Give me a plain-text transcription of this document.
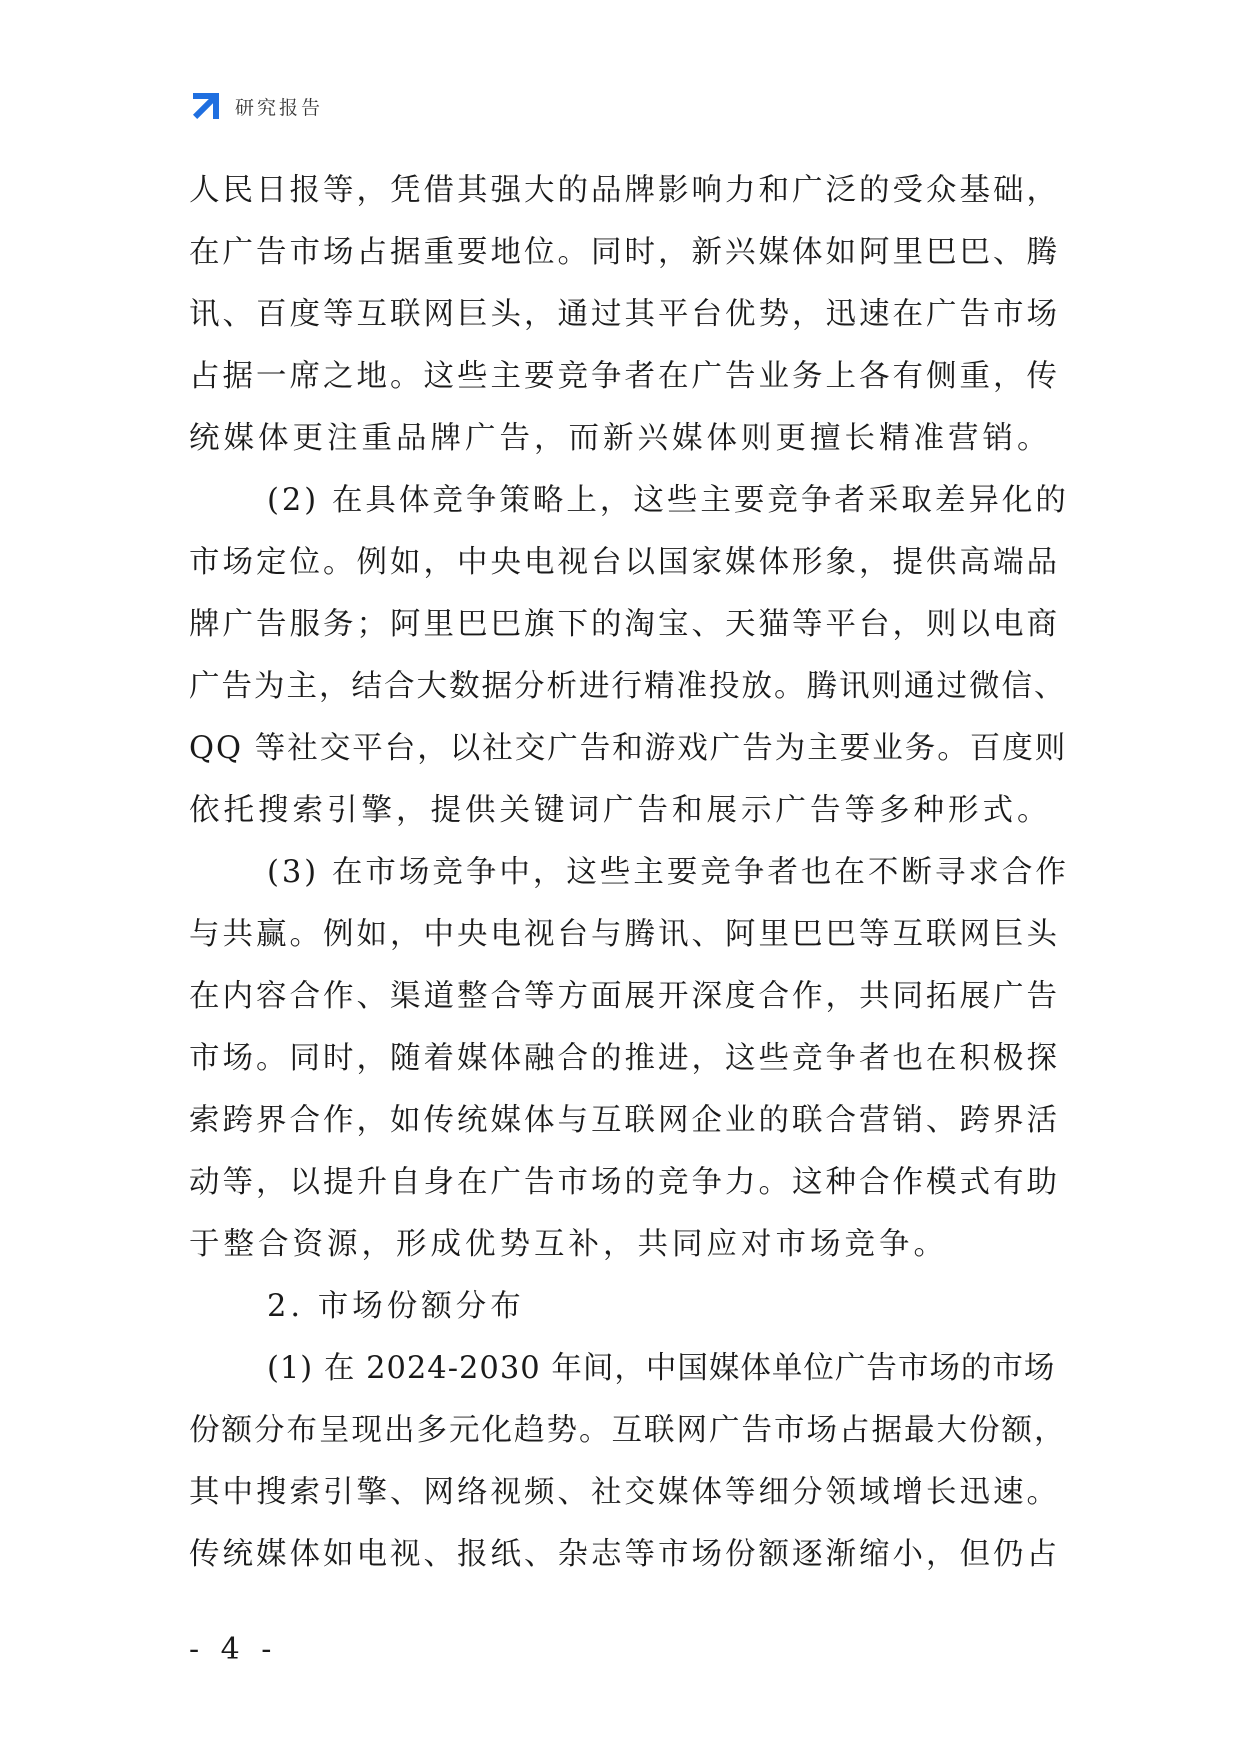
研究报告
人民日报等，凭借其强大的品牌影响力和广泛的受众基础，
在广告市场占据重要地位。同时，新兴媒体如阿里巴巴、腾
讯、百度等互联网巨头，通过其平台优势，迅速在广告市场
占据一席之地。这些主要竞争者在广告业务上各有侧重，传
统媒体更注重品牌广告，而新兴媒体则更擅长精准营销。
(2) 在具体竞争策略上，这些主要竞争者采取差异化的
市场定位。例如，中央电视台以国家媒体形象，提供高端品
牌广告服务；阿里巴巴旗下的淘宝、天猫等平台，则以电商
广告为主，结合大数据分析进行精准投放。腾讯则通过微信、
QQ 等社交平台，以社交广告和游戏广告为主要业务。百度则
依托搜索引擎，提供关键词广告和展示广告等多种形式。
(3) 在市场竞争中，这些主要竞争者也在不断寻求合作
与共赢。例如，中央电视台与腾讯、阿里巴巴等互联网巨头
在内容合作、渠道整合等方面展开深度合作，共同拓展广告
市场。同时，随着媒体融合的推进，这些竞争者也在积极探
索跨界合作，如传统媒体与互联网企业的联合营销、跨界活
动等，以提升自身在广告市场的竞争力。这种合作模式有助
于整合资源，形成优势互补，共同应对市场竞争。
2. 市场份额分布
(1) 在 2024-2030 年间，中国媒体单位广告市场的市场
份额分布呈现出多元化趋势。互联网广告市场占据最大份额，
其中搜索引擎、网络视频、社交媒体等细分领域增长迅速。
传统媒体如电视、报纸、杂志等市场份额逐渐缩小，但仍占
- 4 -
